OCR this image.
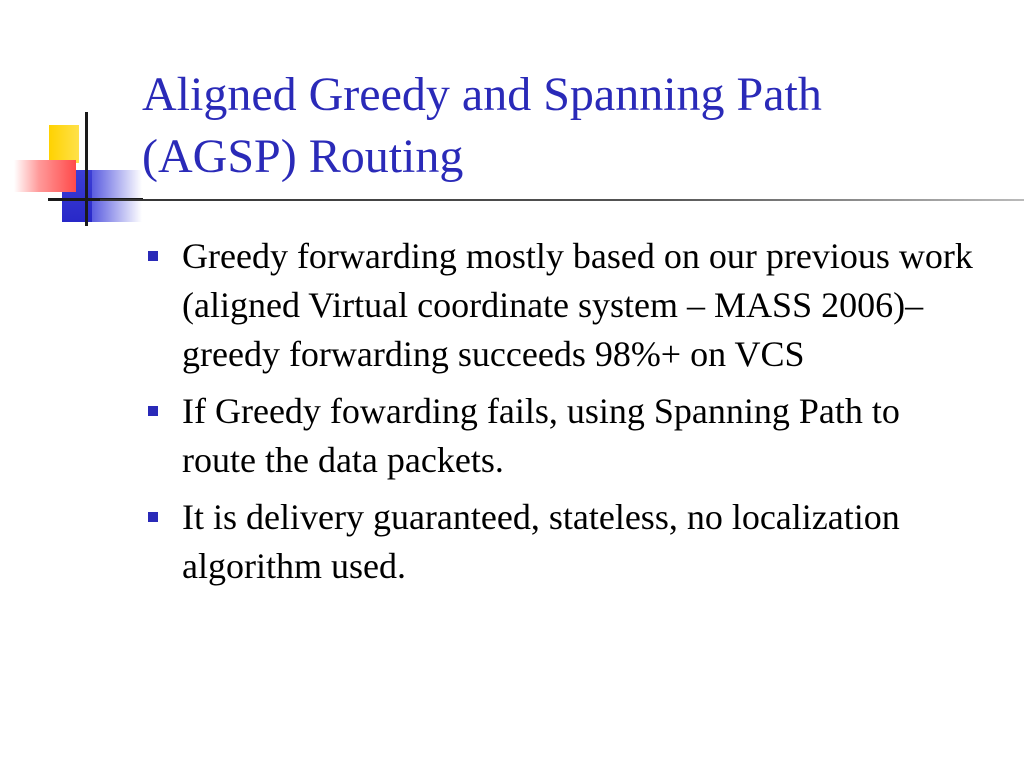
Aligned Greedy and Spanning Path
(AGSP) Routing
Greedy forwarding mostly based on our previous work (aligned Virtual coordinate system – MASS 2006)– greedy forwarding succeeds 98%+ on VCS
If Greedy fowarding fails, using Spanning Path to route the data packets.
It is delivery guaranteed, stateless, no localization algorithm used.
